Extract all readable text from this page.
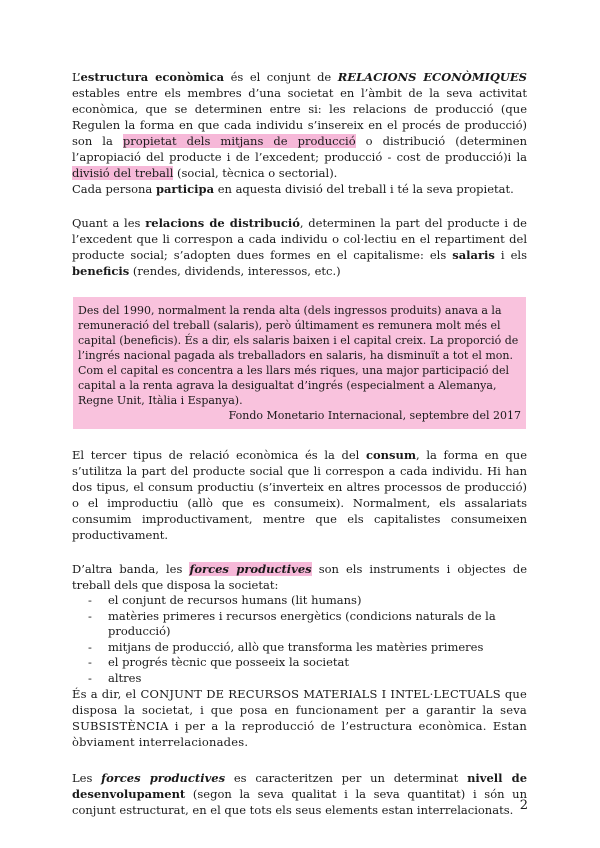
L’estructura econòmica és el conjunt de RELACIONS ECONÒMIQUES estables entre els membres d’una societat en l’àmbit de la seva activitat econòmica, que se determinen entre si: les relacions de producció (que Regulen la forma en que cada individu s’insereix en el procés de producció) son la propietat dels mitjans de producció o distribució (determinen l’apropiació del producte i de l’excedent; producció - cost de producció)i la divisió del treball (social, tècnica o sectorial).
Cada persona participa en aquesta divisió del treball i té la seva propietat.

Quant a les relacions de distribució, determinen la part del producte i de l’excedent que li correspon a cada individu o col·lectiu en el repartiment del producte social; s’adopten dues formes en el capitalisme: els salaris i els beneficis (rendes, dividends, interessos, etc.)

Des del 1990, normalment la renda alta (dels ingressos produits) anava a la remuneració del treball (salaris), però últimament es remunera molt més el capital (beneficis). És a dir, els salaris baixen i el capital creix. La proporció de l’ingrés nacional pagada als treballadors en salaris, ha disminuït a tot el mon. Com el capital es concentra a les llars més riques, una major participació del capital a la renta agrava la desigualtat d’ingrés (especialment a Alemanya, Regne Unit, Itàlia i Espanya).

Fondo Monetario Internacional, septembre del 2017

El tercer tipus de relació econòmica és la del consum, la forma en que s’utilitza la part del producte social que li correspon a cada individu. Hi han dos tipus, el consum productiu (s’inverteix en altres processos de producció) o el improductiu (allò que es consumeix). Normalment, els assalariats consumim improductivament, mentre que els capitalistes consumeixen productivament.

D’altra banda, les forces productives son els instruments i objectes de treball dels que disposa la societat:

- el conjunt de recursos humans (lit humans)
- matèries primeres i recursos energètics (condicions naturals de la producció)
- mitjans de producció, allò que transforma les matèries primeres
- el progrés tècnic que posseeix la societat
- altres

És a dir, el CONJUNT DE RECURSOS MATERIALS I INTEL·LECTUALS que disposa la societat, i que posa en funcionament per a garantir la seva SUBSISTÈNCIA i per a la reproducció de l’estructura econòmica. Estan òbviament interrelacionades.

Les forces productives es caracteritzen per un determinat nivell de desenvolupament (segon la seva qualitat i la seva quantitat) i són un conjunt estructurat, en el que tots els seus elements estan interrelacionats. 2
